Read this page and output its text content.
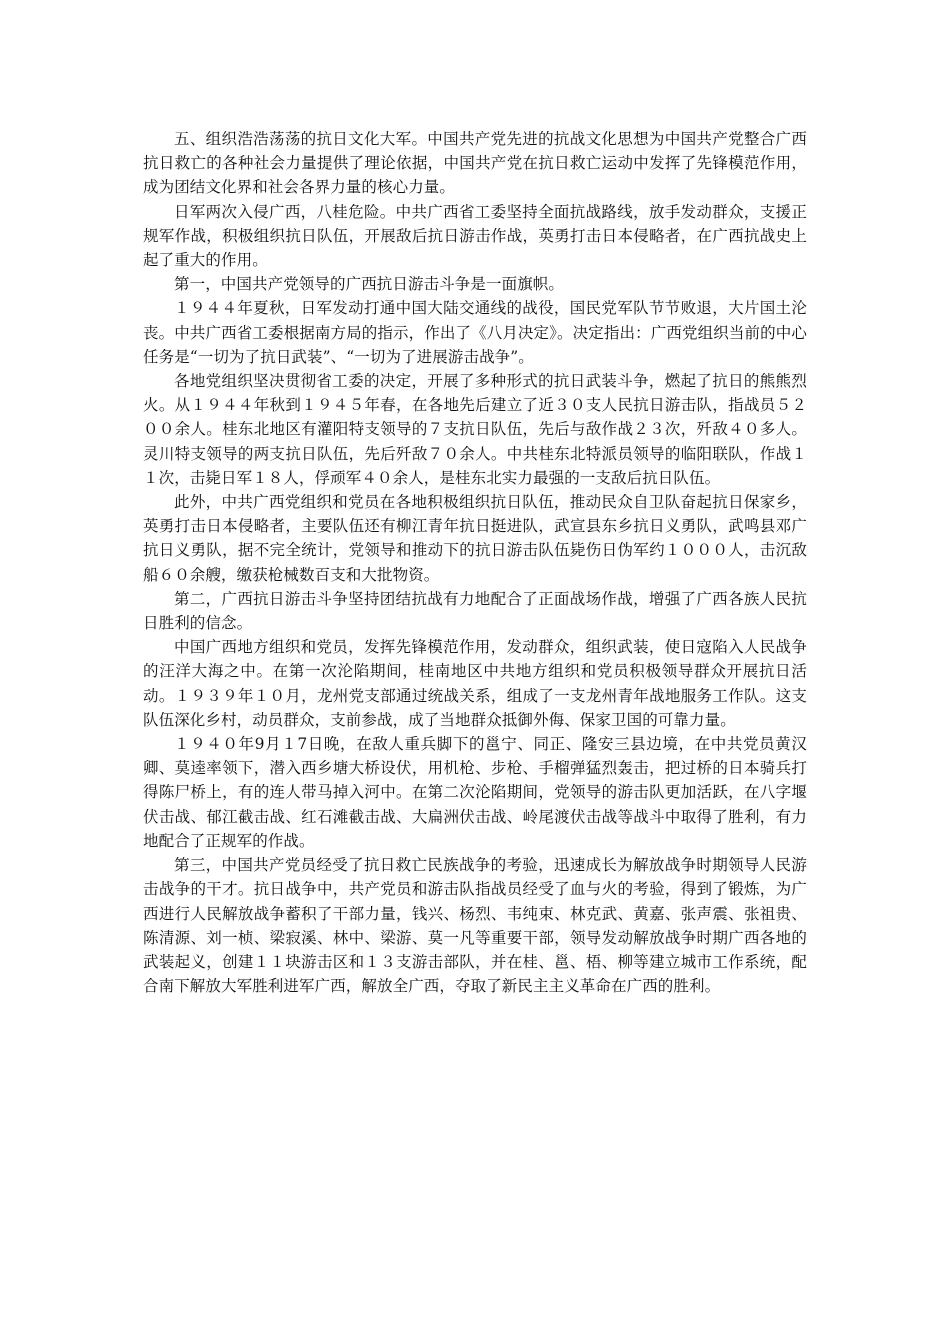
五、组织浩浩荡荡的抗日文化大军。中国共产党先进的抗战文化思想为中国共产党整合广西抗日救亡的各种社会力量提供了理论依据，中国共产党在抗日救亡运动中发挥了先锋模范作用，成为团结文化界和社会各界力量的核心力量。

日军两次入侵广西，八桂危险。中共广西省工委坚持全面抗战路线，放手发动群众，支援正规军作战，积极组织抗日队伍，开展敌后抗日游击作战，英勇打击日本侵略者，在广西抗战史上起了重大的作用。

第一，中国共产党领导的广西抗日游击斗争是一面旗帜。

１９４４年夏秋，日军发动打通中国大陆交通线的战役，国民党军队节节败退，大片国土沦丧。中共广西省工委根据南方局的指示，作出了《八月决定》。决定指出：广西党组织当前的中心任务是“一切为了抗日武装”、“一切为了进展游击战争”。

各地党组织坚决贯彻省工委的决定，开展了多种形式的抗日武装斗争，燃起了抗日的熊熊烈火。从１９４４年秋到１９４５年春，在各地先后建立了近３０支人民抗日游击队，指战员５２００余人。桂东北地区有灌阳特支领导的７支抗日队伍，先后与敌作战２３次，歼敌４０多人。灵川特支领导的两支抗日队伍，先后歼敌７０余人。中共桂东北特派员领导的临阳联队，作战１１次，击毙日军１８人，俘顽军４０余人，是桂东北实力最强的一支敌后抗日队伍。

此外，中共广西党组织和党员在各地积极组织抗日队伍，推动民众自卫队奋起抗日保家乡，英勇打击日本侵略者，主要队伍还有柳江青年抗日挺进队，武宣县东乡抗日义勇队，武鸣县邓广抗日义勇队，据不完全统计，党领导和推动下的抗日游击队伍毙伤日伪军约１０００人，击沉敌船６０余艘，缴获枪械数百支和大批物资。

第二，广西抗日游击斗争坚持团结抗战有力地配合了正面战场作战，增强了广西各族人民抗日胜利的信念。

中国广西地方组织和党员，发挥先锋模范作用，发动群众，组织武装，使日寇陷入人民战争的汪洋大海之中。在第一次沦陷期间，桂南地区中共地方组织和党员积极领导群众开展抗日活动。１９３９年１０月，龙州党支部通过统战关系，组成了一支龙州青年战地服务工作队。这支队伍深化乡村，动员群众，支前参战，成了当地群众抵御外侮、保家卫国的可靠力量。

１９４０年9月１7日晚，在敌人重兵脚下的邕宁、同正、隆安三县边境，在中共党员黄汉卿、莫逵率领下，潜入西乡塘大桥设伏，用机枪、步枪、手榴弹猛烈轰击，把过桥的日本骑兵打得陈尸桥上，有的连人带马掉入河中。在第二次沦陷期间，党领导的游击队更加活跃，在八字堰伏击战、郁江截击战、红石滩截击战、大扁洲伏击战、岭尾渡伏击战等战斗中取得了胜利，有力地配合了正规军的作战。

第三，中国共产党员经受了抗日救亡民族战争的考验，迅速成长为解放战争时期领导人民游击战争的干才。抗日战争中，共产党员和游击队指战员经受了血与火的考验，得到了锻炼，为广西进行人民解放战争蓄积了干部力量，钱兴、杨烈、韦纯束、林克武、黄嘉、张声震、张祖贵、陈清源、刘一桢、梁寂溪、林中、梁游、莫一凡等重要干部，领导发动解放战争时期广西各地的武装起义，创建１１块游击区和１３支游击部队，并在桂、邕、梧、柳等建立城市工作系统，配合南下解放大军胜利进军广西，解放全广西，夺取了新民主主义革命在广西的胜利。
